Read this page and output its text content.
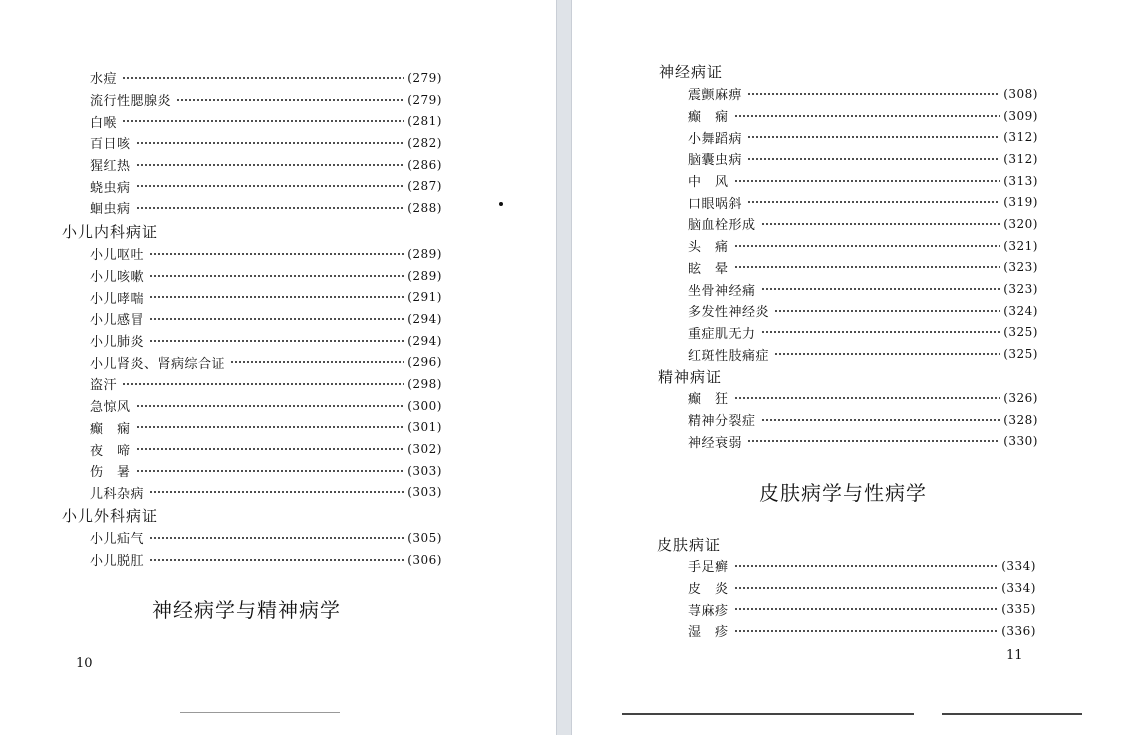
水痘	(279)
流行性腮腺炎	(279)
白喉	(281)
百日咳	(282)
猩红热	(286)
蛲虫病	(287)
蛔虫病	(288)
小儿内科病证
小儿呕吐	(289)
小儿咳嗽	(289)
小儿哮喘	(291)
小儿感冒	(294)
小儿肺炎	(294)
小儿肾炎、肾病综合证	(296)
盗汗	(298)
急惊风	(300)
癫　痫	(301)
夜　啼	(302)
伤　暑	(303)
儿科杂病	(303)
小儿外科病证
小儿疝气	(305)
小儿脱肛	(306)
神经病学与精神病学
10
神经病证
震颤麻痹	(308)
癫　痫	(309)
小舞蹈病	(312)
脑囊虫病	(312)
中　风	(313)
口眼㖞斜	(319)
脑血栓形成	(320)
头　痛	(321)
眩　晕	(323)
坐骨神经痛	(323)
多发性神经炎	(324)
重症肌无力	(325)
红斑性肢痛症	(325)
精神病证
癫　狂	(326)
精神分裂症	(328)
神经衰弱	(330)
皮肤病学与性病学
皮肤病证
手足癣	(334)
皮　炎	(334)
荨麻疹	(335)
湿　疹	(336)
11
